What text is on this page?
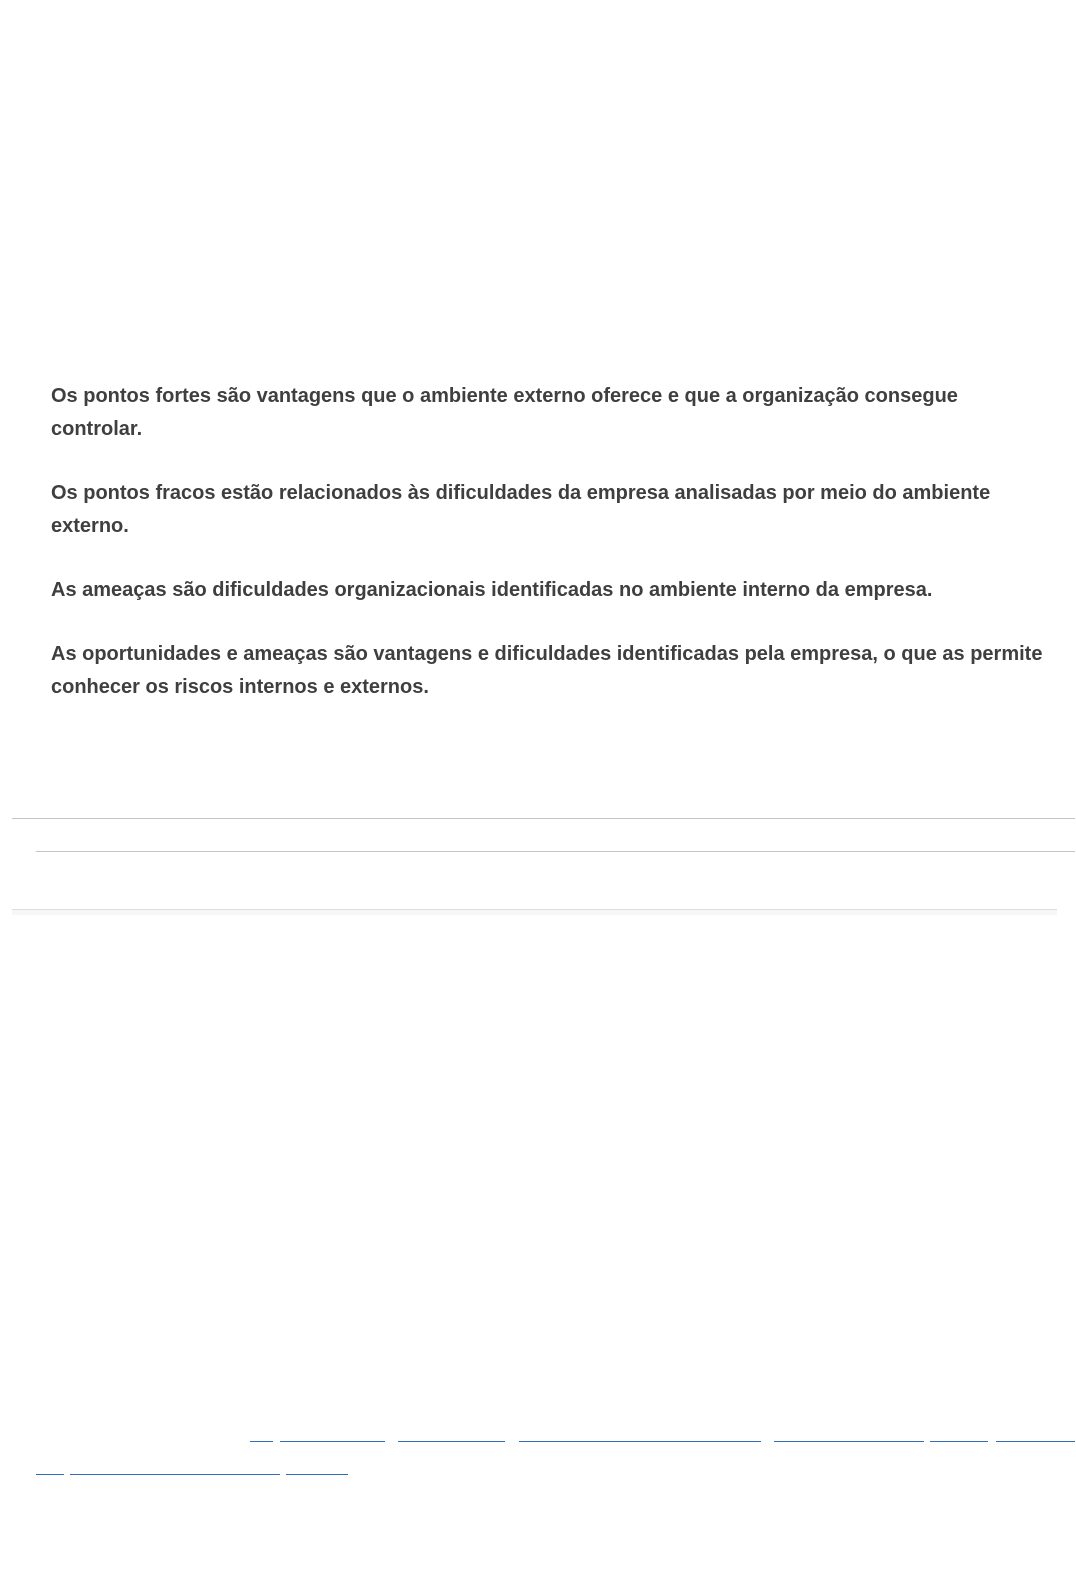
Os pontos fortes são vantagens que o ambiente externo oferece e que a organização consegue controlar.

Os pontos fracos estão relacionados às dificuldades da empresa analisadas por meio do ambiente externo.

As ameaças são dificuldades organizacionais identificadas no ambiente interno da empresa.

As oportunidades e ameaças são vantagens e dificuldades identificadas pela empresa, o que as permite conhecer os riscos internos e externos.
